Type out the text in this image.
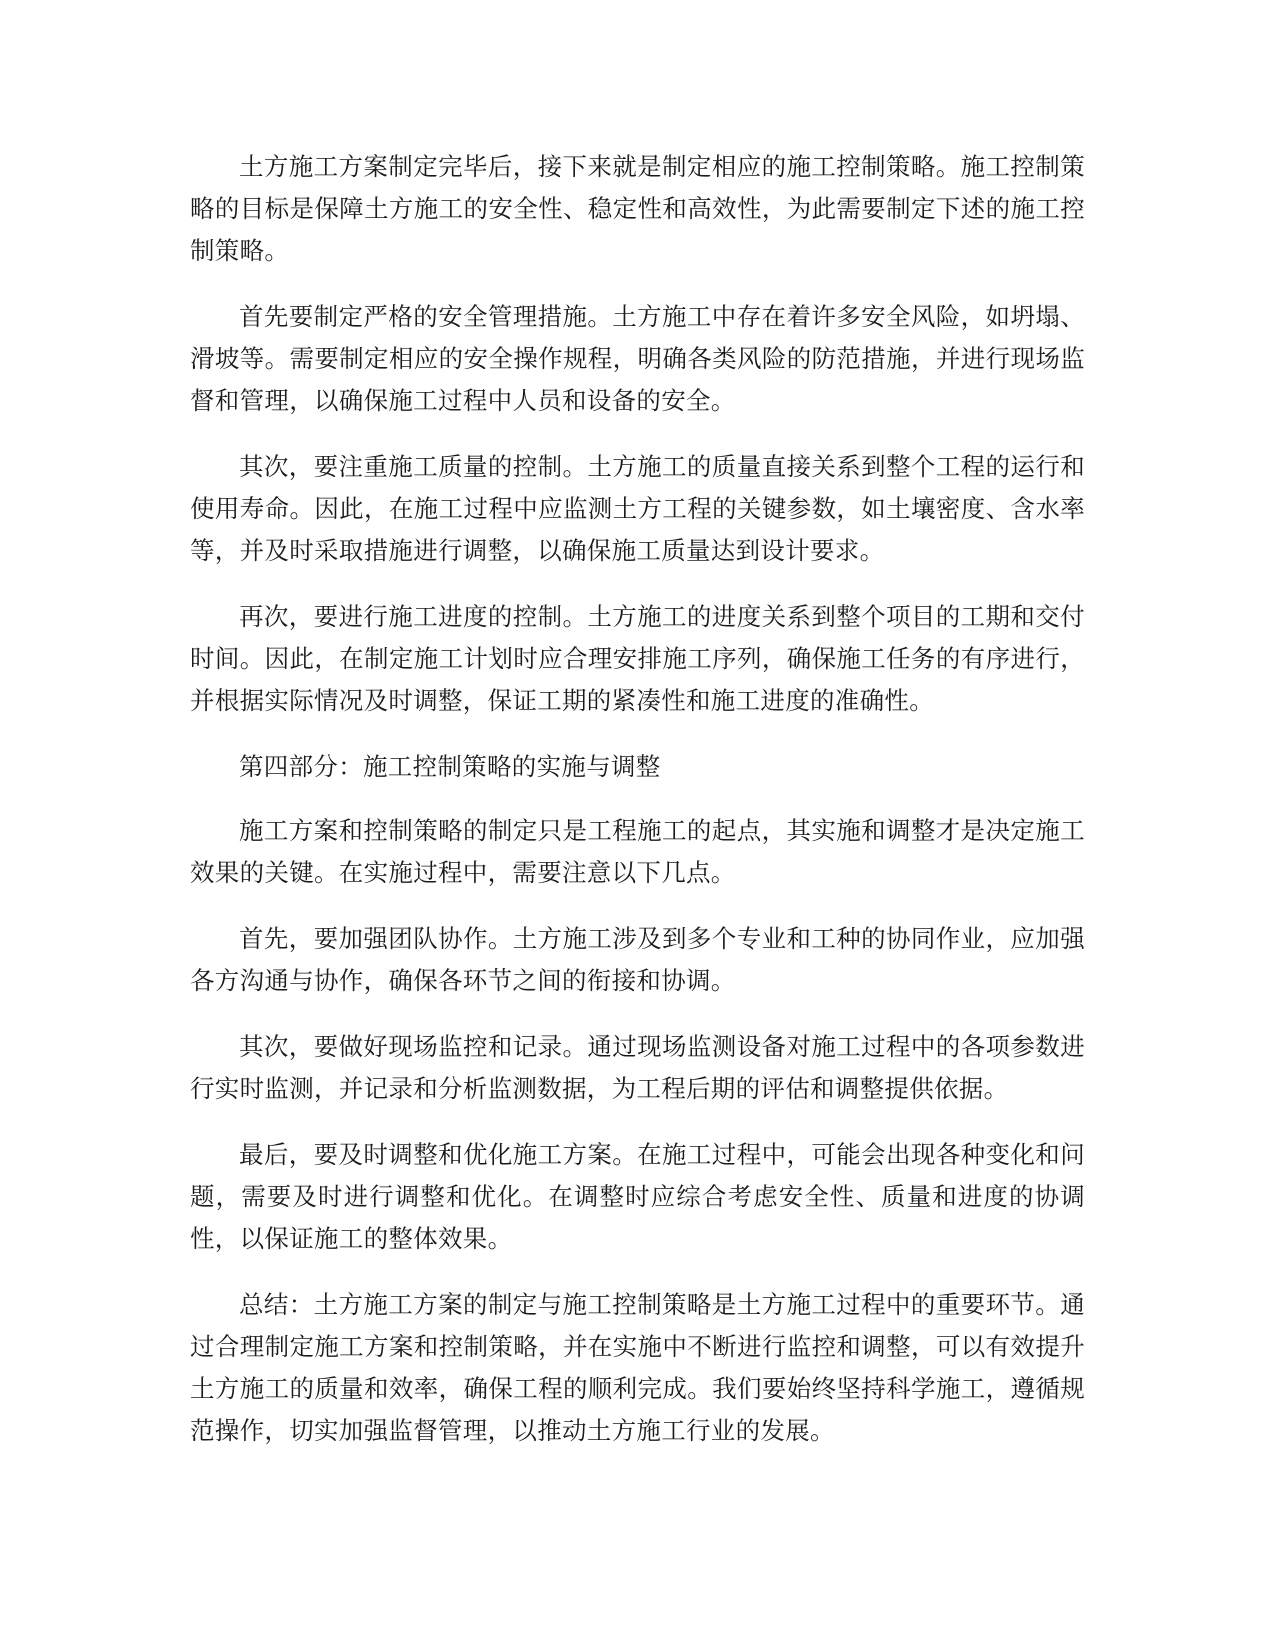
土方施工方案制定完毕后，接下来就是制定相应的施工控制策略。施工控制策略的目标是保障土方施工的安全性、稳定性和高效性，为此需要制定下述的施工控制策略。

首先要制定严格的安全管理措施。土方施工中存在着许多安全风险，如坍塌、滑坡等。需要制定相应的安全操作规程，明确各类风险的防范措施，并进行现场监督和管理，以确保施工过程中人员和设备的安全。

其次，要注重施工质量的控制。土方施工的质量直接关系到整个工程的运行和使用寿命。因此，在施工过程中应监测土方工程的关键参数，如土壤密度、含水率等，并及时采取措施进行调整，以确保施工质量达到设计要求。

再次，要进行施工进度的控制。土方施工的进度关系到整个项目的工期和交付时间。因此，在制定施工计划时应合理安排施工序列，确保施工任务的有序进行，并根据实际情况及时调整，保证工期的紧凑性和施工进度的准确性。

第四部分：施工控制策略的实施与调整

施工方案和控制策略的制定只是工程施工的起点，其实施和调整才是决定施工效果的关键。在实施过程中，需要注意以下几点。

首先，要加强团队协作。土方施工涉及到多个专业和工种的协同作业，应加强各方沟通与协作，确保各环节之间的衔接和协调。

其次，要做好现场监控和记录。通过现场监测设备对施工过程中的各项参数进行实时监测，并记录和分析监测数据，为工程后期的评估和调整提供依据。

最后，要及时调整和优化施工方案。在施工过程中，可能会出现各种变化和问题，需要及时进行调整和优化。在调整时应综合考虑安全性、质量和进度的协调性，以保证施工的整体效果。

总结：土方施工方案的制定与施工控制策略是土方施工过程中的重要环节。通过合理制定施工方案和控制策略，并在实施中不断进行监控和调整，可以有效提升土方施工的质量和效率，确保工程的顺利完成。我们要始终坚持科学施工，遵循规范操作，切实加强监督管理，以推动土方施工行业的发展。
